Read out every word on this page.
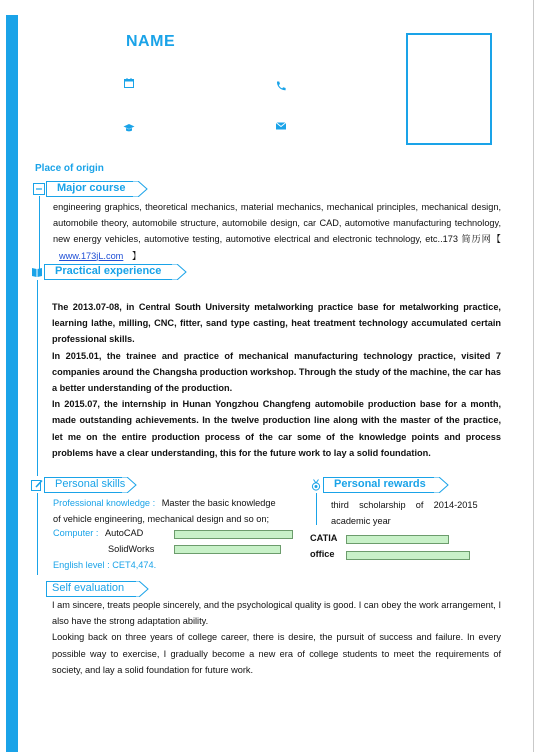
NAME
Place of origin
Major course
engineering graphics, theoretical mechanics, material mechanics, mechanical principles, mechanical design, automobile theory, automobile structure, automobile design, car CAD, automotive manufacturing technology, new energy vehicles, automotive testing, automotive electrical and electronic technology, etc..173 简历网【 www.173jL.com 】
Practical experience

The 2013.07-08, in Central South University metalworking practice base for metalworking practice, learning lathe, milling, CNC, fitter, sand type casting, heat treatment technology accumulated certain professional skills.

In 2015.01, the trainee and practice of mechanical manufacturing technology practice, visited 7 companies around the Changsha production workshop. Through the study of the machine, the car has a better understanding of the production.

In 2015.07, the internship in Hunan Yongzhou Changfeng automobile production base for a month, made outstanding achievements. In the twelve production line along with the master of the practice, let me on the entire production process of the car some of the knowledge points and process problems have a clear understanding, this for the future work to lay a solid foundation.

Personal skills
Professional knowledge : Master the basic knowledge
of vehicle engineering, mechanical design and so on;
Computer : AutoCAD
SolidWorks
English level : CET4,474.
Personal rewards
third    scholarship    of    2014-2015
academic year
CATIA
office
Self evaluation

I am sincere, treats people sincerely, and the psychological quality is good. I can obey the work arrangement, I also have the strong adaptation ability.

Looking back on three years of college career, there is desire, the pursuit of success and failure. In every possible way to exercise, I gradually become a new era of college students to meet the requirements of society, and lay a solid foundation for future work.
